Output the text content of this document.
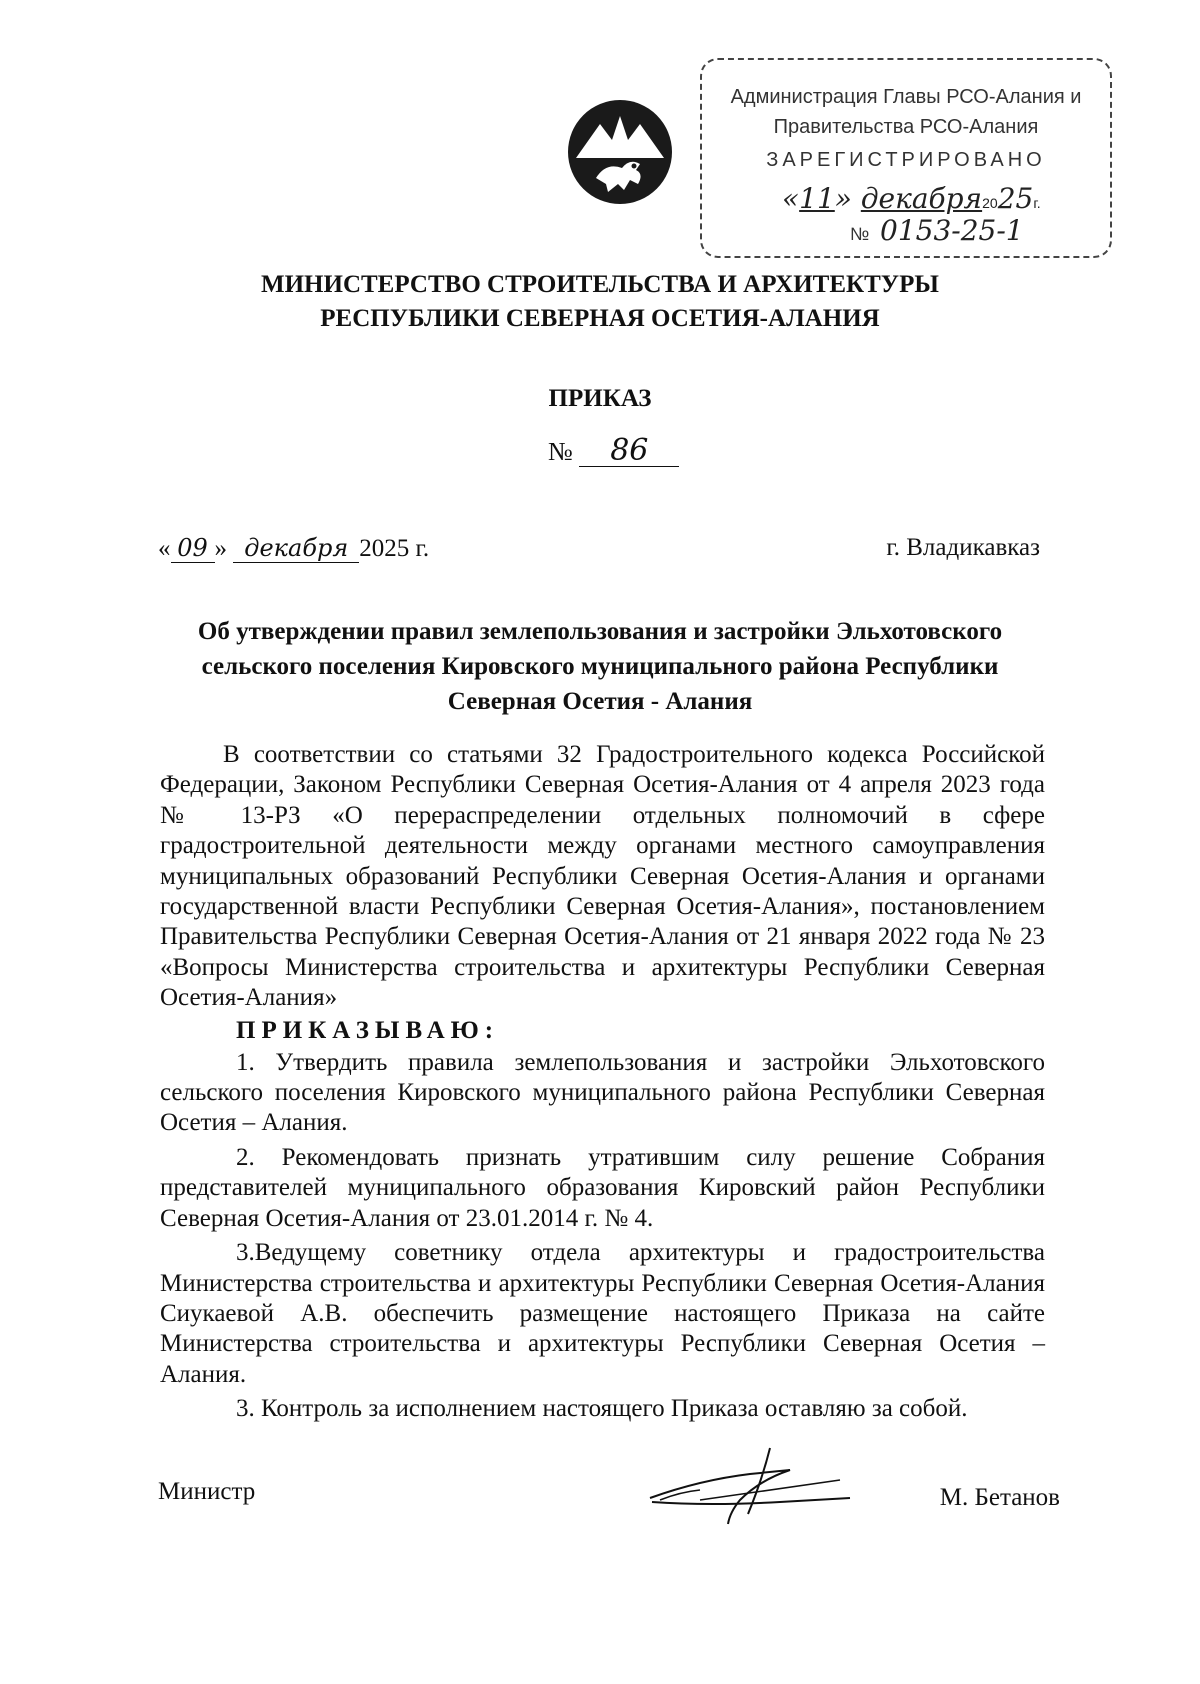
Администрация Главы РСО-Алания и
Правительства РСО-Алания
ЗАРЕГИСТРИРОВАНО
«11» декабря2025г.
№ 0153-25-1
МИНИСТЕРСТВО СТРОИТЕЛЬСТВА И АРХИТЕКТУРЫ
РЕСПУБЛИКИ СЕВЕРНАЯ ОСЕТИЯ-АЛАНИЯ
ПРИКАЗ
№ 86
« 09 » декабря 2025 г.	г. Владикавказ
Об утверждении правил землепользования и застройки Эльхотовского
сельского поселения Кировского муниципального района Республики
Северная Осетия - Алания

В соответствии со статьями 32 Градостроительного кодекса Российской Федерации, Законом Республики Северная Осетия-Алания от 4 апреля 2023 года № 13-РЗ «О перераспределении отдельных полномочий в сфере градостроительной деятельности между органами местного самоуправления муниципальных образований Республики Северная Осетия-Алания и органами государственной власти Республики Северная Осетия-Алания», постановлением Правительства Республики Северная Осетия-Алания от 21 января 2022 года № 23 «Вопросы Министерства строительства и архитектуры Республики Северная Осетия-Алания»

ПРИКАЗЫВАЮ:

1. Утвердить правила землепользования и застройки Эльхотовского сельского поселения Кировского муниципального района Республики Северная Осетия – Алания.

2. Рекомендовать признать утратившим силу решение Собрания представителей муниципального образования Кировский район Республики Северная Осетия-Алания от 23.01.2014 г. № 4.

3.Ведущему советнику отдела архитектуры и градостроительства Министерства строительства и архитектуры Республики Северная Осетия-Алания Сиукаевой А.В. обеспечить размещение настоящего Приказа на сайте Министерства строительства и архитектуры Республики Северная Осетия – Алания.

3. Контроль за исполнением настоящего Приказа оставляю за собой.

Министр	М. Бетанов
